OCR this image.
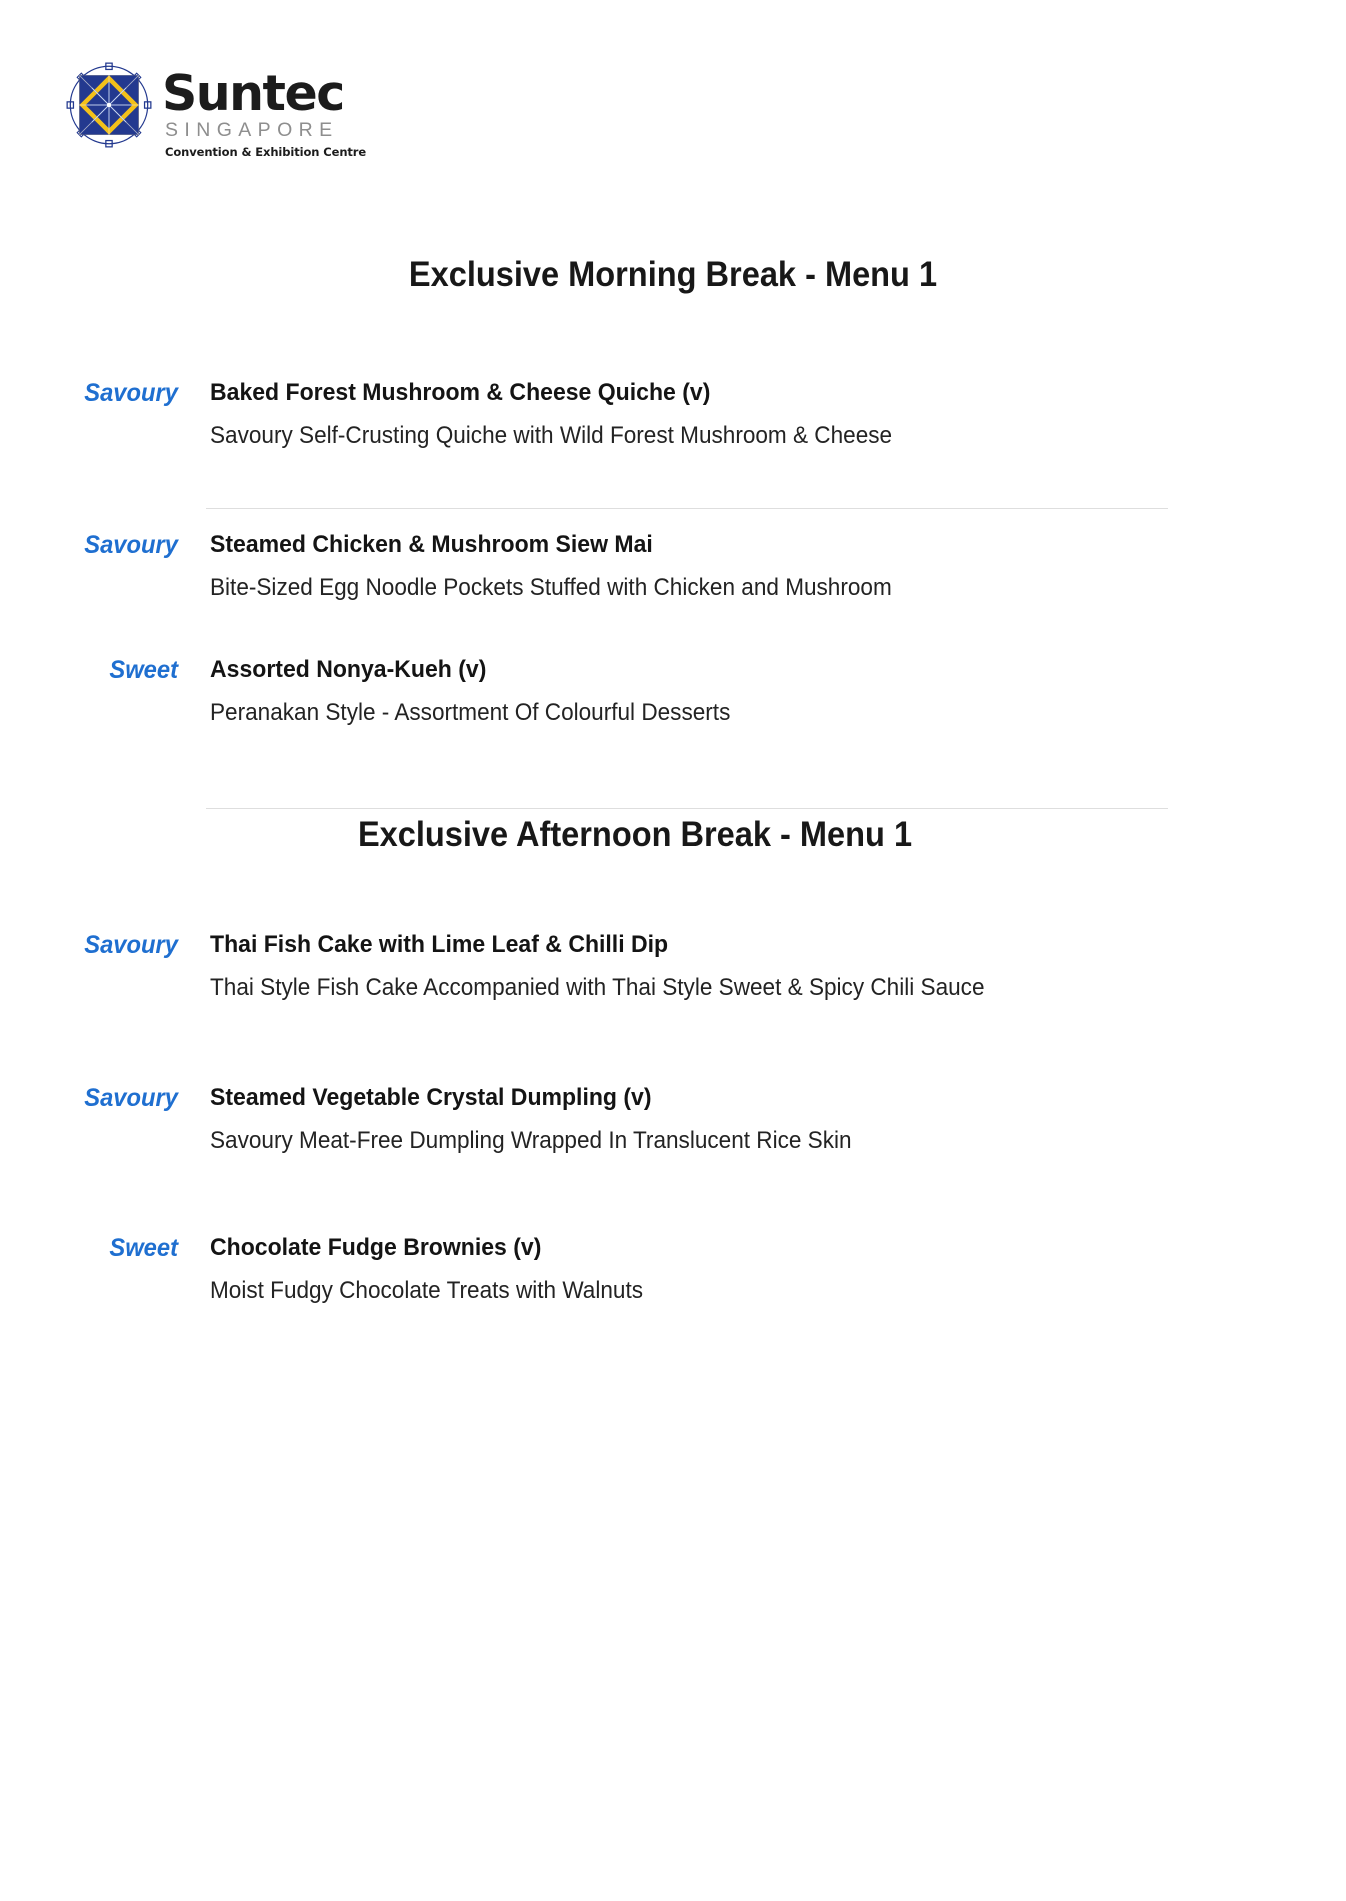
Suntec
SINGAPORE
Convention & Exhibition Centre
Exclusive Morning Break - Menu 1
Savoury Baked Forest Mushroom & Cheese Quiche (v)
Savoury Self-Crusting Quiche with Wild Forest Mushroom & Cheese
Savoury Steamed Chicken & Mushroom Siew Mai
Bite-Sized Egg Noodle Pockets Stuffed with Chicken and Mushroom
Sweet Assorted Nonya-Kueh (v)
Peranakan Style - Assortment Of Colourful Desserts
Exclusive Afternoon Break - Menu 1
Savoury Thai Fish Cake with Lime Leaf & Chilli Dip
Thai Style Fish Cake Accompanied with Thai Style Sweet & Spicy Chili Sauce
Savoury Steamed Vegetable Crystal Dumpling (v)
Savoury Meat-Free Dumpling Wrapped In Translucent Rice Skin
Sweet Chocolate Fudge Brownies (v)
Moist Fudgy Chocolate Treats with Walnuts
